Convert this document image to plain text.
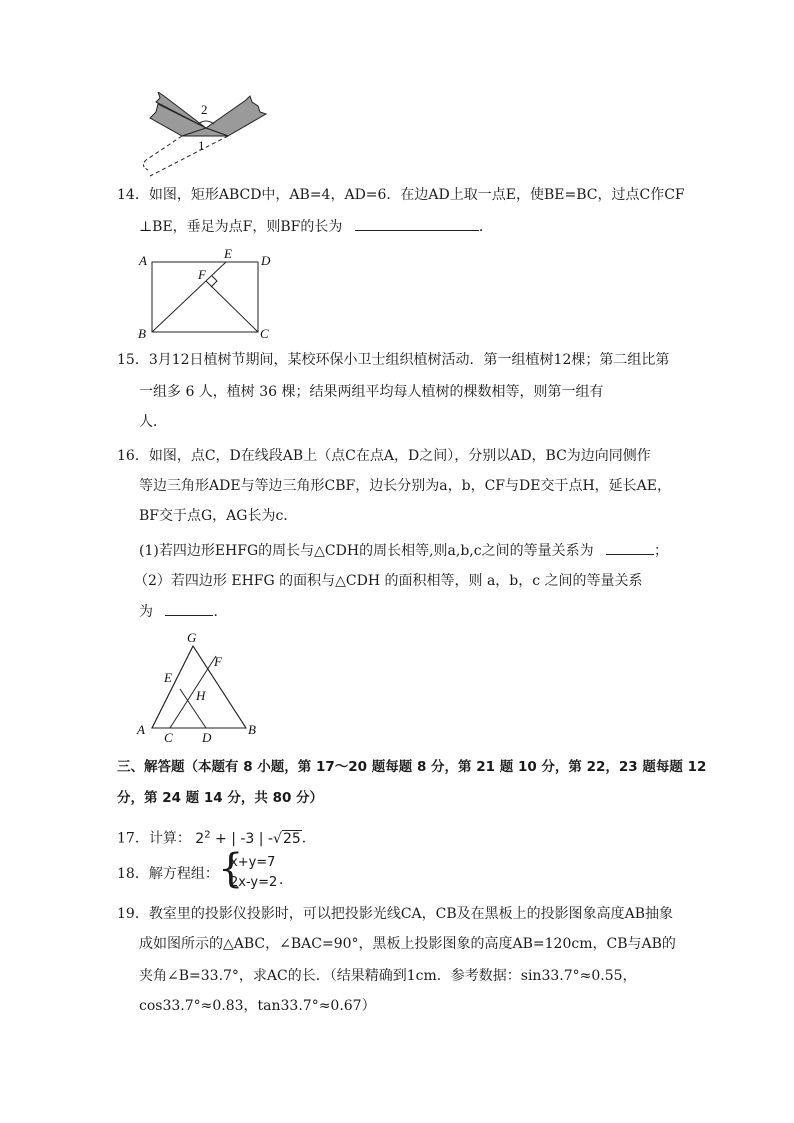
2
1
14．如图，矩形ABCD中，AB=4，AD=6．在边AD上取一点E，使BE=BC，过点C作CF
⊥BE，垂足为点F，则BF的长为	．
A	E D
F
B	C
15．3月12日植树节期间，某校环保小卫士组织植树活动．第一组植树12棵；第二组比第
一组多 6 人，植树 36 棵；结果两组平均每人植树的棵数相等，则第一组有
人．
16．如图，点C，D在线段AB上（点C在点A，D之间），分别以AD，BC为边向同侧作
等边三角形ADE与等边三角形CBF，边长分别为a，b，CF与DE交于点H，延长AE，
BF交于点G，AG长为c．
(1)若四边形EHFG的周长与△CDH的周长相等,则a,b,c之间的等量关系为	；
（2）若四边形 EHFG 的面积与△CDH 的面积相等，则 a，b，c 之间的等量关系
为	．
G
F
E
H
A	B
C D
三、解答题（本题有 8 小题，第 17～20 题每题 8 分，第 21 题 10 分，第 22，23 题每题 12
分，第 24 题 14 分，共 80 分）
17．计算： $2^2$ + | -3 | -√25．
18．解方程组： {
x+y=7
2x-y=2 ．
19．教室里的投影仪投影时，可以把投影光线CA，CB及在黑板上的投影图象高度AB抽象
成如图所示的△ABC，∠BAC=90°，黑板上投影图象的高度AB=120cm，CB与AB的
夹角∠B=33.7°，求AC的长．（结果精确到1cm．参考数据：sin33.7°≈0.55，
cos33.7°≈0.83，tan33.7°≈0.67）
